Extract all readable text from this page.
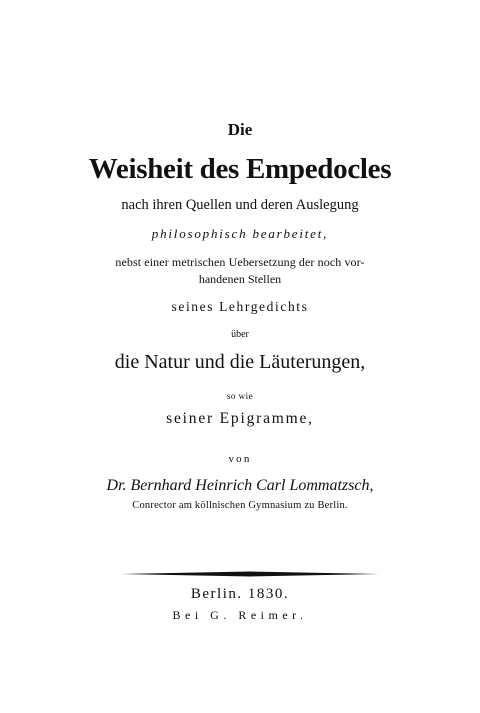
Die
Weisheit des Empedocles
nach ihren Quellen und deren Auslegung
philosophisch bearbeitet,
nebst einer metrischen Uebersetzung der noch vor-
handenen Stellen
seines Lehrgedichts
über
die Natur und die Läuterungen,
so wie
seiner Epigramme,
von
Dr. Bernhard Heinrich Carl Lommatzsch,
Conrector am köllnischen Gymnasium zu Berlin.
Berlin. 1830.
Bei G. Reimer.
